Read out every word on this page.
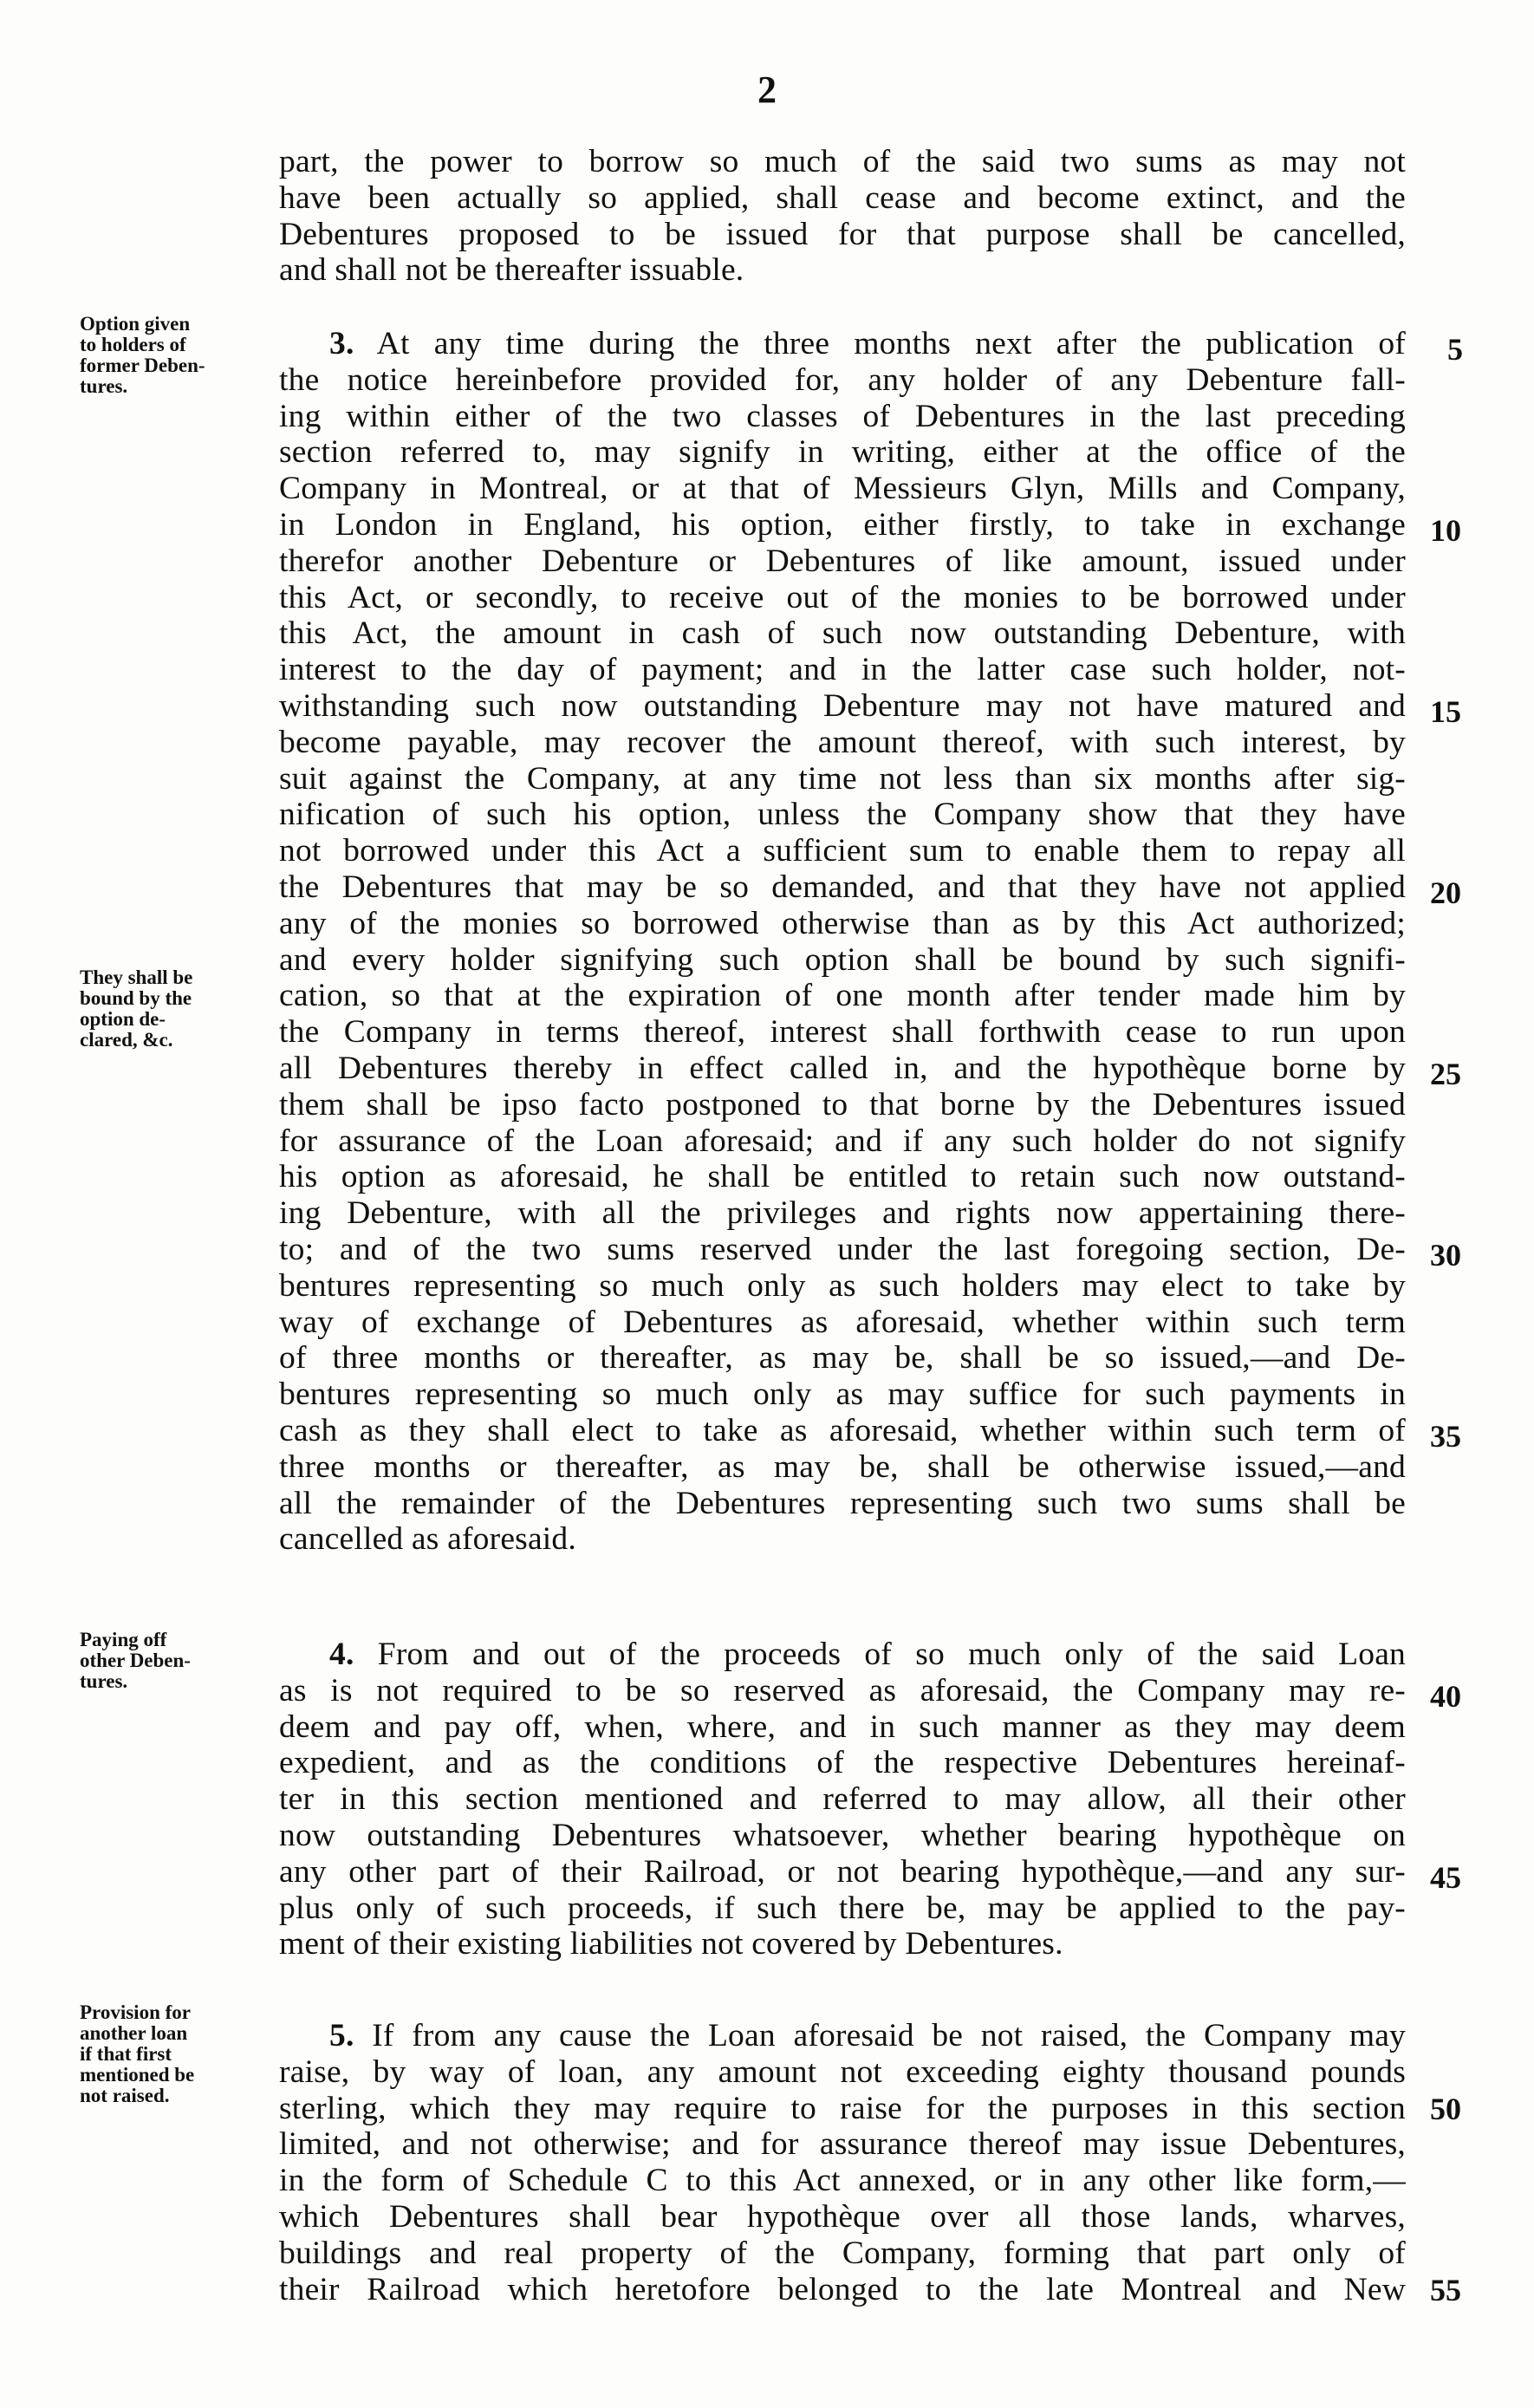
2
part, the power to borrow so much of the said two sums as may not
have been actually so applied, shall cease and become extinct, and the
Debentures proposed to be issued for that purpose shall be cancelled,
and shall not be thereafter issuable.
3. At any time during the three months next after the publication of
the notice hereinbefore provided for, any holder of any Debenture fall-
ing within either of the two classes of Debentures in the last preceding
section referred to, may signify in writing, either at the office of the
Company in Montreal, or at that of Messieurs Glyn, Mills and Company,
in London in England, his option, either firstly, to take in exchange
therefor another Debenture or Debentures of like amount, issued under
this Act, or secondly, to receive out of the monies to be borrowed under
this Act, the amount in cash of such now outstanding Debenture, with
interest to the day of payment; and in the latter case such holder, not-
withstanding such now outstanding Debenture may not have matured and
become payable, may recover the amount thereof, with such interest, by
suit against the Company, at any time not less than six months after sig-
nification of such his option, unless the Company show that they have
not borrowed under this Act a sufficient sum to enable them to repay all
the Debentures that may be so demanded, and that they have not applied
any of the monies so borrowed otherwise than as by this Act authorized;
and every holder signifying such option shall be bound by such signifi-
cation, so that at the expiration of one month after tender made him by
the Company in terms thereof, interest shall forthwith cease to run upon
all Debentures thereby in effect called in, and the hypothèque borne by
them shall be ipso facto postponed to that borne by the Debentures issued
for assurance of the Loan aforesaid; and if any such holder do not signify
his option as aforesaid, he shall be entitled to retain such now outstand-
ing Debenture, with all the privileges and rights now appertaining there-
to; and of the two sums reserved under the last foregoing section, De-
bentures representing so much only as such holders may elect to take by
way of exchange of Debentures as aforesaid, whether within such term
of three months or thereafter, as may be, shall be so issued,—and De-
bentures representing so much only as may suffice for such payments in
cash as they shall elect to take as aforesaid, whether within such term of
three months or thereafter, as may be, shall be otherwise issued,—and
all the remainder of the Debentures representing such two sums shall be
cancelled as aforesaid.
4. From and out of the proceeds of so much only of the said Loan
as is not required to be so reserved as aforesaid, the Company may re-
deem and pay off, when, where, and in such manner as they may deem
expedient, and as the conditions of the respective Debentures hereinaf-
ter in this section mentioned and referred to may allow, all their other
now outstanding Debentures whatsoever, whether bearing hypothèque on
any other part of their Railroad, or not bearing hypothèque,—and any sur-
plus only of such proceeds, if such there be, may be applied to the pay-
ment of their existing liabilities not covered by Debentures.
5. If from any cause the Loan aforesaid be not raised, the Company may
raise, by way of loan, any amount not exceeding eighty thousand pounds
sterling, which they may require to raise for the purposes in this section
limited, and not otherwise; and for assurance thereof may issue Debentures,
in the form of Schedule C to this Act annexed, or in any other like form,—
which Debentures shall bear hypothèque over all those lands, wharves,
buildings and real property of the Company, forming that part only of
their Railroad which heretofore belonged to the late Montreal and New
Option given
to holders of
former Deben-
tures.
They shall be
bound by the
option de-
clared, &c.
Paying off
other Deben-
tures.
Provision for
another loan
if that first
mentioned be
not raised.
5
10
15
20
25
30
35
40
45
50
55
